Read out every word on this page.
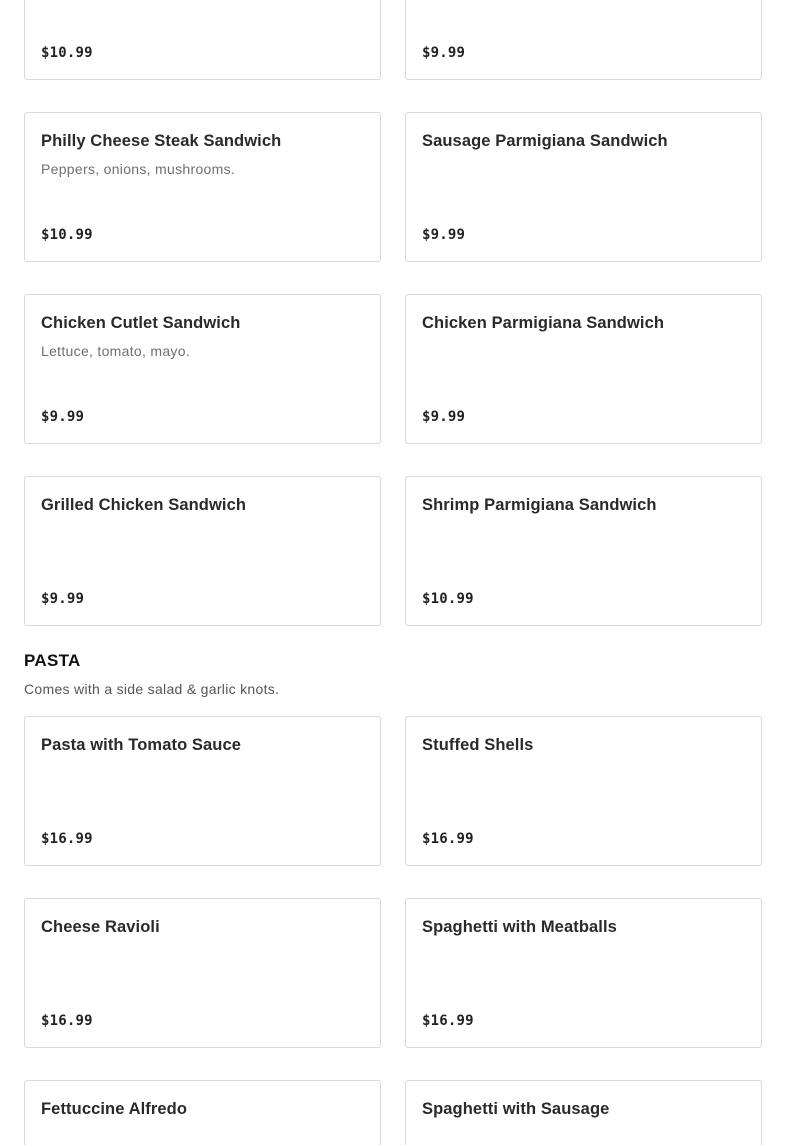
$10.99	$9.99
Philly Cheese Steak Sandwich
Peppers, onions, mushrooms.
$10.99
Sausage Parmigiana Sandwich
$9.99
Chicken Cutlet Sandwich
Lettuce, tomato, mayo.
$9.99
Chicken Parmigiana Sandwich
$9.99
Grilled Chicken Sandwich
$9.99
Shrimp Parmigiana Sandwich
$10.99
PASTA
Comes with a side salad & garlic knots.
Pasta with Tomato Sauce
$16.99
Stuffed Shells
$16.99
Cheese Ravioli
$16.99
Spaghetti with Meatballs
$16.99
Fettuccine Alfredo	Spaghetti with Sausage
